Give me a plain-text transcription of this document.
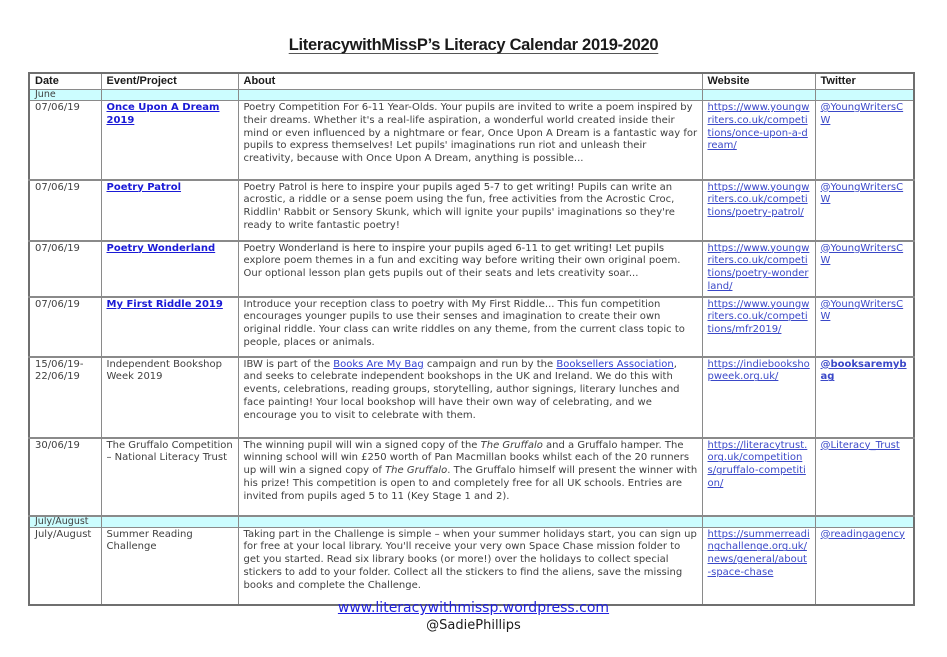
LiteracywithMissP’s Literacy Calendar 2019-2020
Date	Event/Project	About	Website	Twitter
June				
07/06/19	Once Upon A Dream 2019	Poetry Competition For 6-11 Year-Olds. Your pupils are invited to write a poem inspired by their dreams. Whether it's a real-life aspiration, a wonderful world created inside their mind or even influenced by a nightmare or fear, Once Upon A Dream is a fantastic way for pupils to express themselves! Let pupils' imaginations run riot and unleash their creativity, because with Once Upon A Dream, anything is possible...	https://www.youngwriters.co.uk/competitions/once-upon-a-dream/	@YoungWritersCW
07/06/19	Poetry Patrol	Poetry Patrol is here to inspire your pupils aged 5-7 to get writing! Pupils can write an acrostic, a riddle or a sense poem using the fun, free activities from the Acrostic Croc, Riddlin' Rabbit or Sensory Skunk, which will ignite your pupils' imaginations so they're ready to write fantastic poetry!	https://www.youngwriters.co.uk/competitions/poetry-patrol/	@YoungWritersCW
07/06/19	Poetry Wonderland	Poetry Wonderland is here to inspire your pupils aged 6-11 to get writing! Let pupils explore poem themes in a fun and exciting way before writing their own original poem. Our optional lesson plan gets pupils out of their seats and lets creativity soar...	https://www.youngwriters.co.uk/competitions/poetry-wonderland/	@YoungWritersCW
07/06/19	My First Riddle 2019	Introduce your reception class to poetry with My First Riddle... This fun competition encourages younger pupils to use their senses and imagination to create their own original riddle. Your class can write riddles on any theme, from the current class topic to people, places or animals.	https://www.youngwriters.co.uk/competitions/mfr2019/	@YoungWritersCW
15/06/19-22/06/19	Independent Bookshop Week 2019	IBW is part of the Books Are My Bag campaign and run by the Booksellers Association, and seeks to celebrate independent bookshops in the UK and Ireland. We do this with events, celebrations, reading groups, storytelling, author signings, literary lunches and face painting! Your local bookshop will have their own way of celebrating, and we encourage you to visit to celebrate with them.	https://indiebookshopweek.org.uk/	@booksaremybag
30/06/19	The Gruffalo Competition – National Literacy Trust	The winning pupil will win a signed copy of the The Gruffalo and a Gruffalo hamper. The winning school will win £250 worth of Pan Macmillan books whilst each of the 20 runners up will win a signed copy of The Gruffalo. The Gruffalo himself will present the winner with his prize! This competition is open to and completely free for all UK schools. Entries are invited from pupils aged 5 to 11 (Key Stage 1 and 2).	https://literacytrust.org.uk/competitions/gruffalo-competition/	@Literacy_Trust
July/August				
July/August	Summer Reading Challenge	Taking part in the Challenge is simple – when your summer holidays start, you can sign up for free at your local library. You'll receive your very own Space Chase mission folder to get you started. Read six library books (or more!) over the holidays to collect special stickers to add to your folder. Collect all the stickers to find the aliens, save the missing books and complete the Challenge.	https://summerreadingchallenge.org.uk/news/general/about-space-chase	@readingagency
www.literacywithmissp.wordpress.com
@SadiePhillips
